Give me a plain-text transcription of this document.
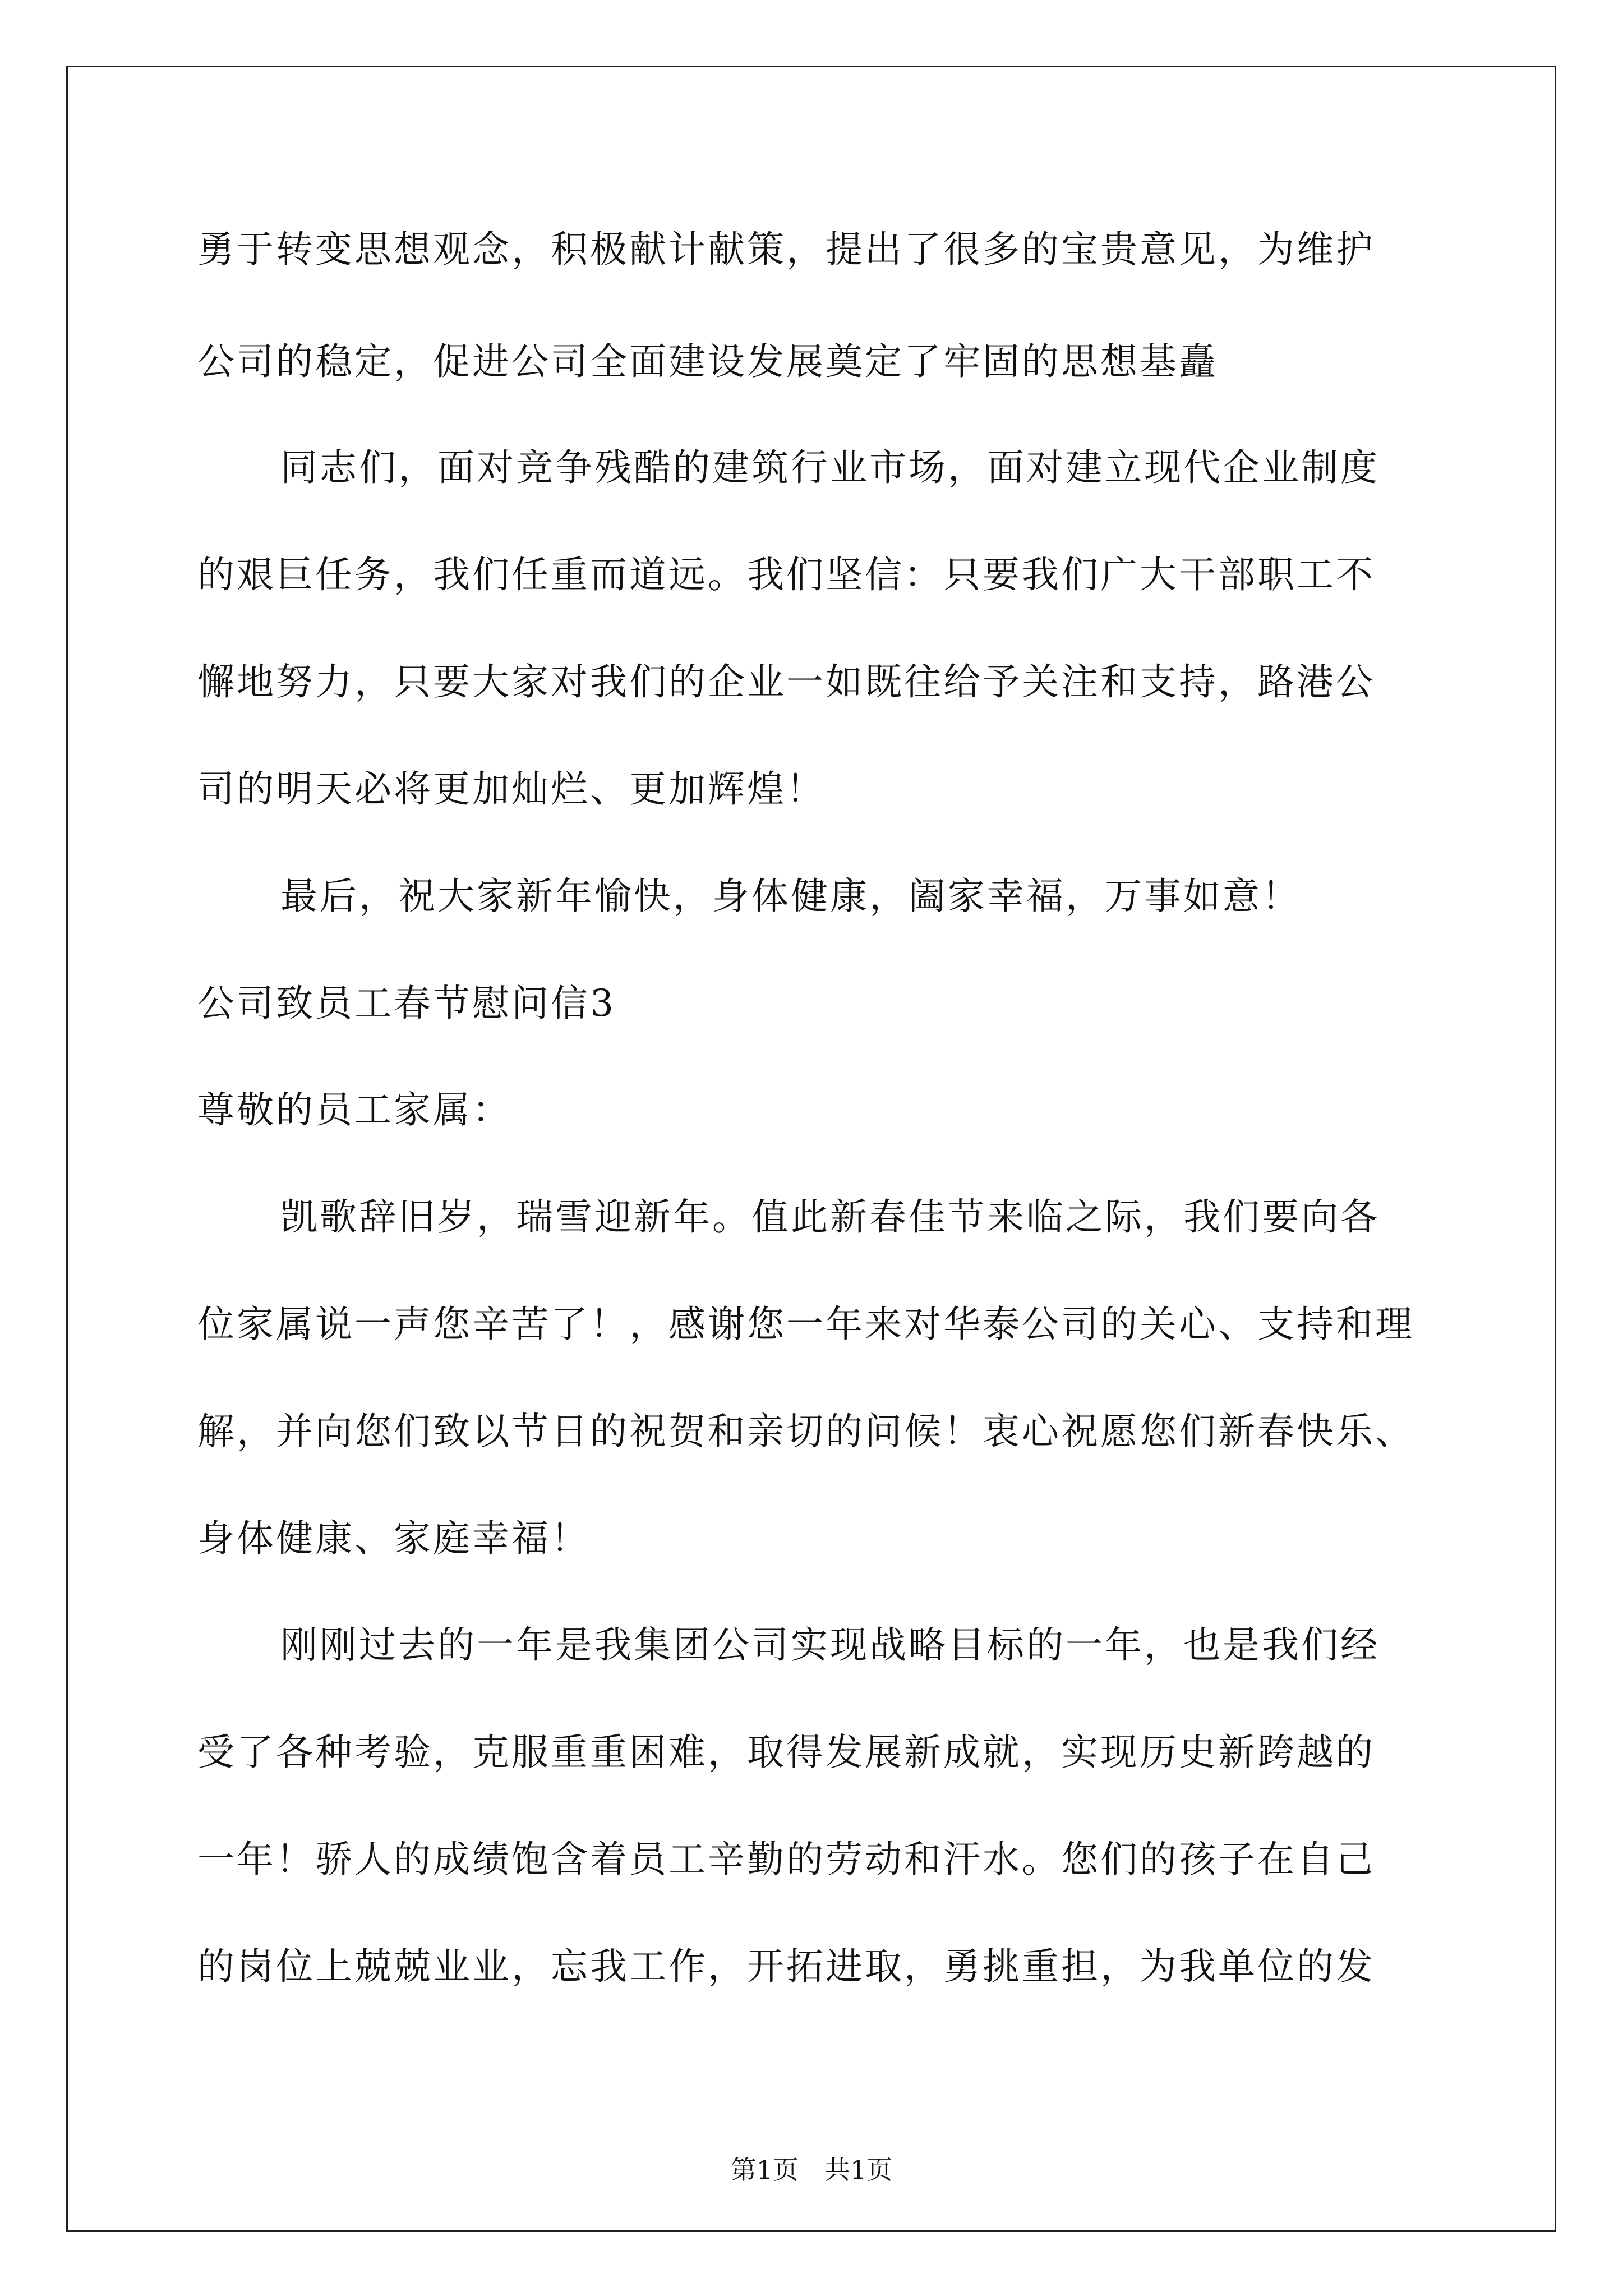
勇于转变思想观念，积极献计献策，提出了很多的宝贵意见，为维护
公司的稳定，促进公司全面建设发展奠定了牢固的思想基矗
同志们，面对竞争残酷的建筑行业市场，面对建立现代企业制度
的艰巨任务，我们任重而道远。我们坚信：只要我们广大干部职工不
懈地努力，只要大家对我们的企业一如既往给予关注和支持，路港公
司的明天必将更加灿烂、更加辉煌！
最后，祝大家新年愉快，身体健康，阖家幸福，万事如意！
公司致员工春节慰问信3
尊敬的员工家属：
凯歌辞旧岁，瑞雪迎新年。值此新春佳节来临之际，我们要向各
位家属说一声您辛苦了！，感谢您一年来对华泰公司的关心、支持和理
解，并向您们致以节日的祝贺和亲切的问候！衷心祝愿您们新春快乐、
身体健康、家庭幸福！
刚刚过去的一年是我集团公司实现战略目标的一年，也是我们经
受了各种考验，克服重重困难，取得发展新成就，实现历史新跨越的
一年！骄人的成绩饱含着员工辛勤的劳动和汗水。您们的孩子在自己
的岗位上兢兢业业，忘我工作，开拓进取，勇挑重担，为我单位的发
第1页　共1页
